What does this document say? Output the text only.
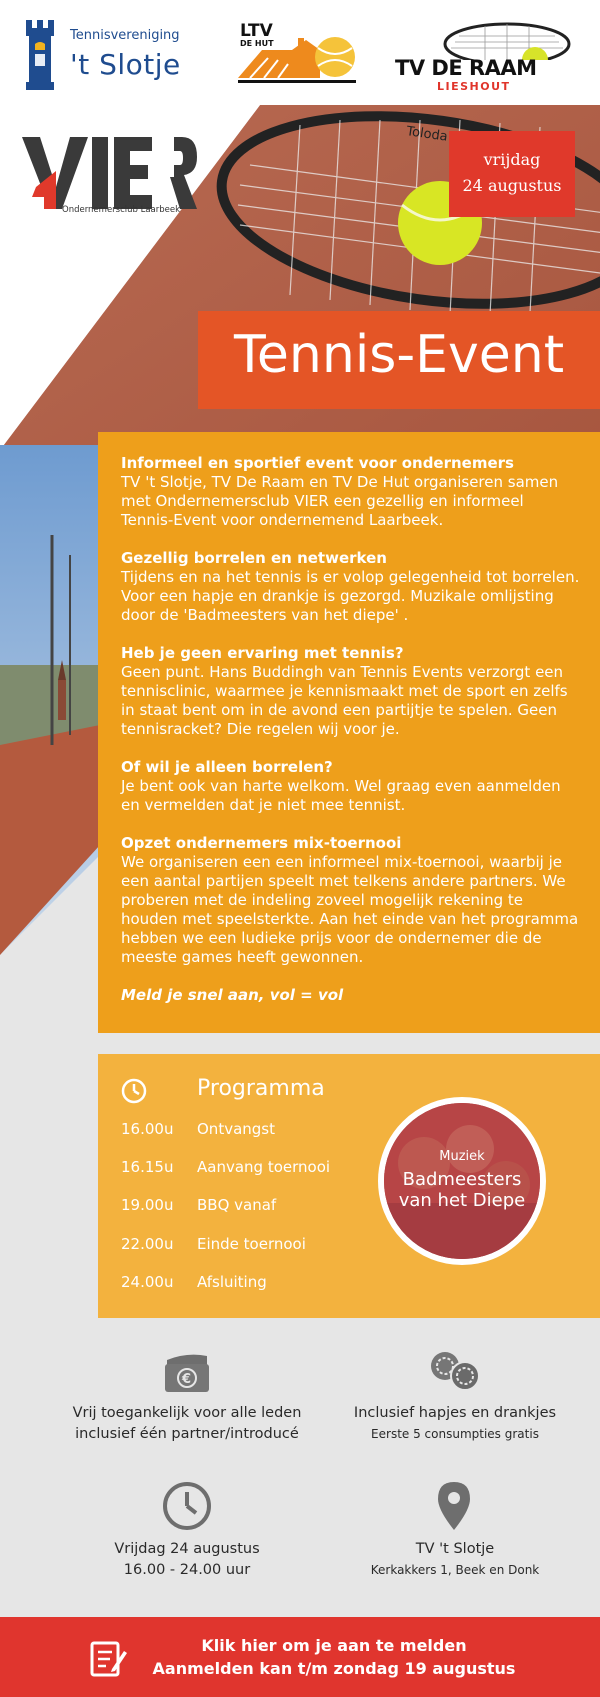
Tennisvereniging
't Slotje
LTV
DE HUT
TV DE RAAM
LIESHOUT
Toloda
VIER
Ondernemersclub Laarbeek
vrijdag
24 augustus
Tennis-Event
Informeel en sportief event voor ondernemers

TV 't Slotje, TV De Raam en TV De Hut organiseren samen met Ondernemersclub VIER een gezellig en informeel Tennis-Event voor ondernemend Laarbeek.

Gezellig borrelen en netwerken

Tijdens en na het tennis is er volop gelegenheid tot borrelen. Voor een hapje en drankje is gezorgd. Muzikale omlijsting door de 'Badmeesters van het diepe' .

Heb je geen ervaring met tennis?

Geen punt. Hans Buddingh van Tennis Events verzorgt een tennisclinic, waarmee je kennismaakt met de sport en zelfs in staat bent om in de avond een partijtje te spelen. Geen tennisracket? Die regelen wij voor je.

Of wil je alleen borrelen?

Je bent ook van harte welkom. Wel graag even aanmelden en vermelden dat je niet mee tennist.

Opzet ondernemers mix-toernooi

We organiseren een een informeel mix-toernooi, waarbij je een aantal partijen speelt met telkens andere partners. We proberen met de indeling zoveel mogelijk rekening te houden met speelsterkte. Aan het einde van het programma hebben we een ludieke prijs voor de ondernemer die de meeste games heeft gewonnen.

Meld je snel aan, vol = vol

Programma
16.00u	Ontvangst
16.15u	Aanvang toernooi
19.00u	BBQ vanaf
22.00u	Einde toernooi
24.00u	Afsluiting
Muziek
Badmeesters
van het Diepe
€
Vrij toegankelijk voor alle leden
inclusief één partner/introducé
Inclusief hapjes en drankjes
Eerste 5 consumpties gratis
Vrijdag 24 augustus
16.00 - 24.00 uur
TV 't Slotje
Kerkakkers 1, Beek en Donk
Klik hier om je aan te melden
Aanmelden kan t/m zondag 19 augustus
